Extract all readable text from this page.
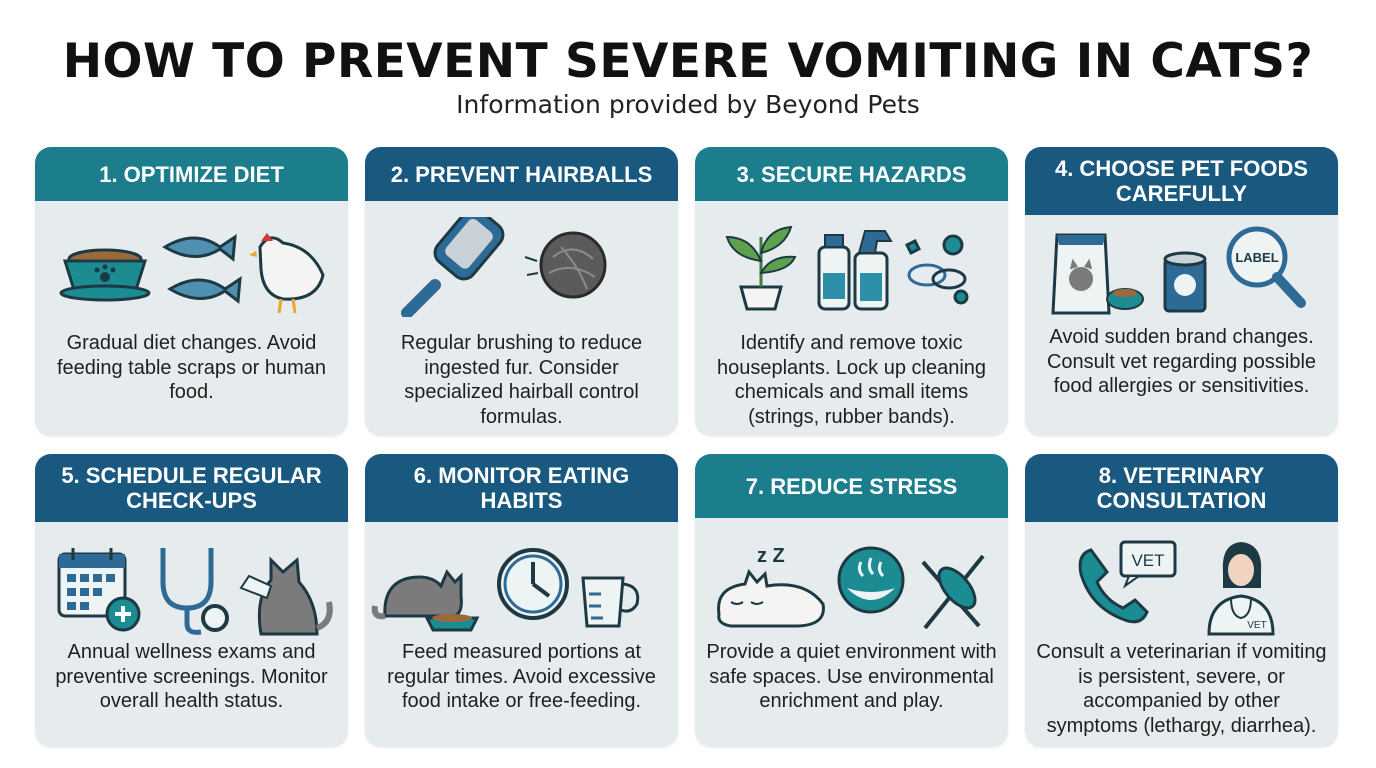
HOW TO PREVENT SEVERE VOMITING IN CATS?
Information provided by Beyond Pets
1. OPTIMIZE DIET
Gradual diet changes. Avoid feeding table scraps or human food.
2. PREVENT HAIRBALLS
Regular brushing to reduce ingested fur. Consider specialized hairball control formulas.
3. SECURE HAZARDS
Identify and remove toxic houseplants. Lock up cleaning chemicals and small items (strings, rubber bands).
4. CHOOSE PET FOODS CAREFULLY
LABEL
Avoid sudden brand changes. Consult vet regarding possible food allergies or sensitivities.
5. SCHEDULE REGULAR CHECK-UPS
Annual wellness exams and preventive screenings. Monitor overall health status.
6. MONITOR EATING HABITS
Feed measured portions at regular times. Avoid excessive food intake or free-feeding.
7. REDUCE STRESS
z Z
Provide a quiet environment with safe spaces. Use environmental enrichment and play.
8. VETERINARY CONSULTATION
VET
VET
Consult a veterinarian if vomiting is persistent, severe, or accompanied by other symptoms (lethargy, diarrhea).
